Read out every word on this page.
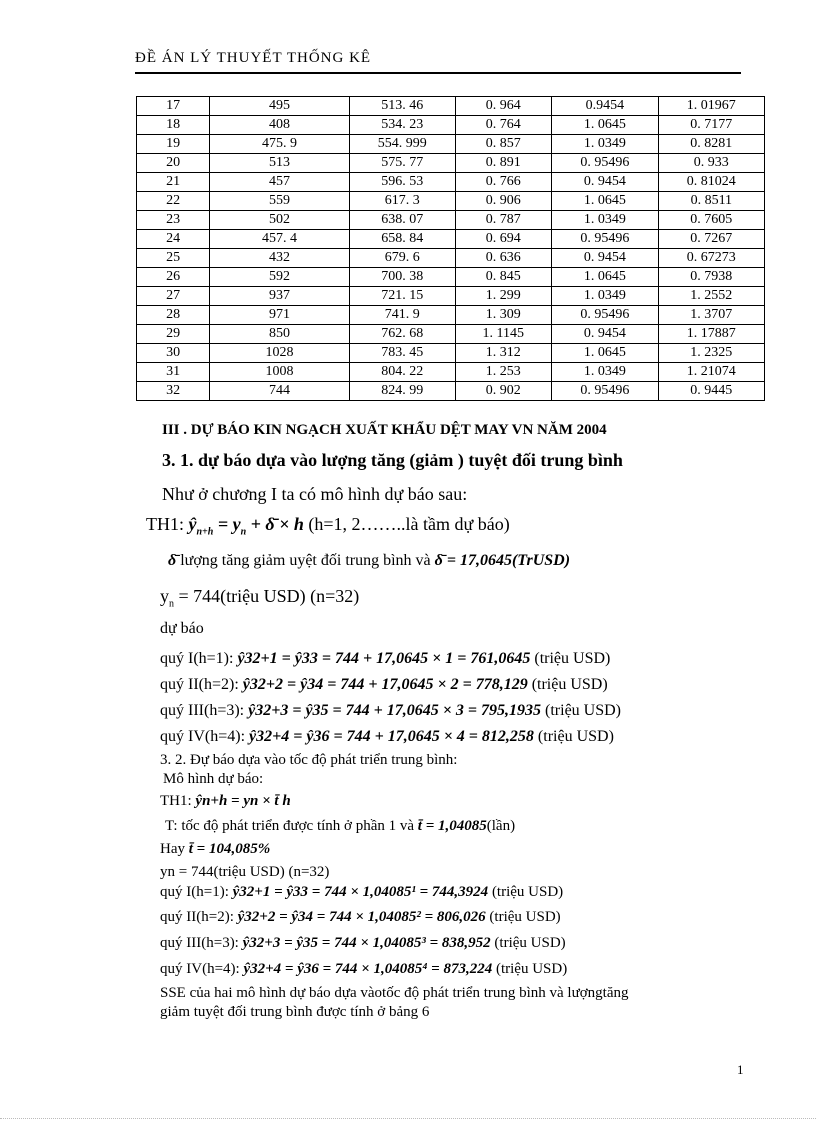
ĐỀ ÁN LÝ THUYẾT THỐNG KÊ
17	495	513. 46	0. 964	0.9454	1. 01967
18	408	534. 23	0. 764	1. 0645	0. 7177
19	475. 9	554. 999	0. 857	1. 0349	0. 8281
20	513	575. 77	0. 891	0. 95496	0. 933
21	457	596. 53	0. 766	0. 9454	0. 81024
22	559	617. 3	0. 906	1. 0645	0. 8511
23	502	638. 07	0. 787	1. 0349	0. 7605
24	457. 4	658. 84	0. 694	0. 95496	0. 7267
25	432	679. 6	0. 636	0. 9454	0. 67273
26	592	700. 38	0. 845	1. 0645	0. 7938
27	937	721. 15	1. 299	1. 0349	1. 2552
28	971	741. 9	1. 309	0. 95496	1. 3707
29	850	762. 68	1. 1145	0. 9454	1. 17887
30	1028	783. 45	1. 312	1. 0645	1. 2325
31	1008	804. 22	1. 253	1. 0349	1. 21074
32	744	824. 99	0. 902	0. 95496	0. 9445
III . DỰ BÁO KIN NGẠCH XUẤT KHẨU DỆT MAY VN NĂM 2004
3. 1. dự báo dựa vào lượng tăng (giảm ) tuyệt đối trung bình
Như ở chương I ta có mô hình dự báo sau:
TH1: $ŷ_{n+h} = y_n$ + δ̄ × h (h=1, 2……..là tầm dự báo)
δ̄ lượng tăng giảm uyệt đối trung bình và δ̄ = 17,0645(TrUSD)
$y_n$ = 744(triệu USD) (n=32)
dự báo
quý I(h=1): ŷ32+1 = ŷ33 = 744 + 17,0645 × 1 = 761,0645 (triệu USD)
quý II(h=2): ŷ32+2 = ŷ34 = 744 + 17,0645 × 2 = 778,129 (triệu USD)
quý III(h=3): ŷ32+3 = ŷ35 = 744 + 17,0645 × 3 = 795,1935 (triệu USD)
quý IV(h=4): ŷ32+4 = ŷ36 = 744 + 17,0645 × 4 = 812,258 (triệu USD)
3. 2. Đự báo dựa vào tốc độ phát triển trung bình:
Mô hình dự báo:
TH1: ŷn+h = yn × t̄ h
T: tốc độ phát triển được tính ở phần 1 và t̄ = 1,04085(lần)
Hay t̄ = 104,085%
yn = 744(triệu USD) (n=32)
quý I(h=1): ŷ32+1 = ŷ33 = 744 × 1,04085¹ = 744,3924 (triệu USD)
quý II(h=2): ŷ32+2 = ŷ34 = 744 × 1,04085² = 806,026 (triệu USD)
quý III(h=3): ŷ32+3 = ŷ35 = 744 × 1,04085³ = 838,952 (triệu USD)
quý IV(h=4): ŷ32+4 = ŷ36 = 744 × 1,04085⁴ = 873,224 (triệu USD)
SSE của hai mô hình dự báo dựa vàotốc độ phát triển trung bình và lượngtăng
giảm tuyệt đối trung bình được tính ở bảng 6
1
